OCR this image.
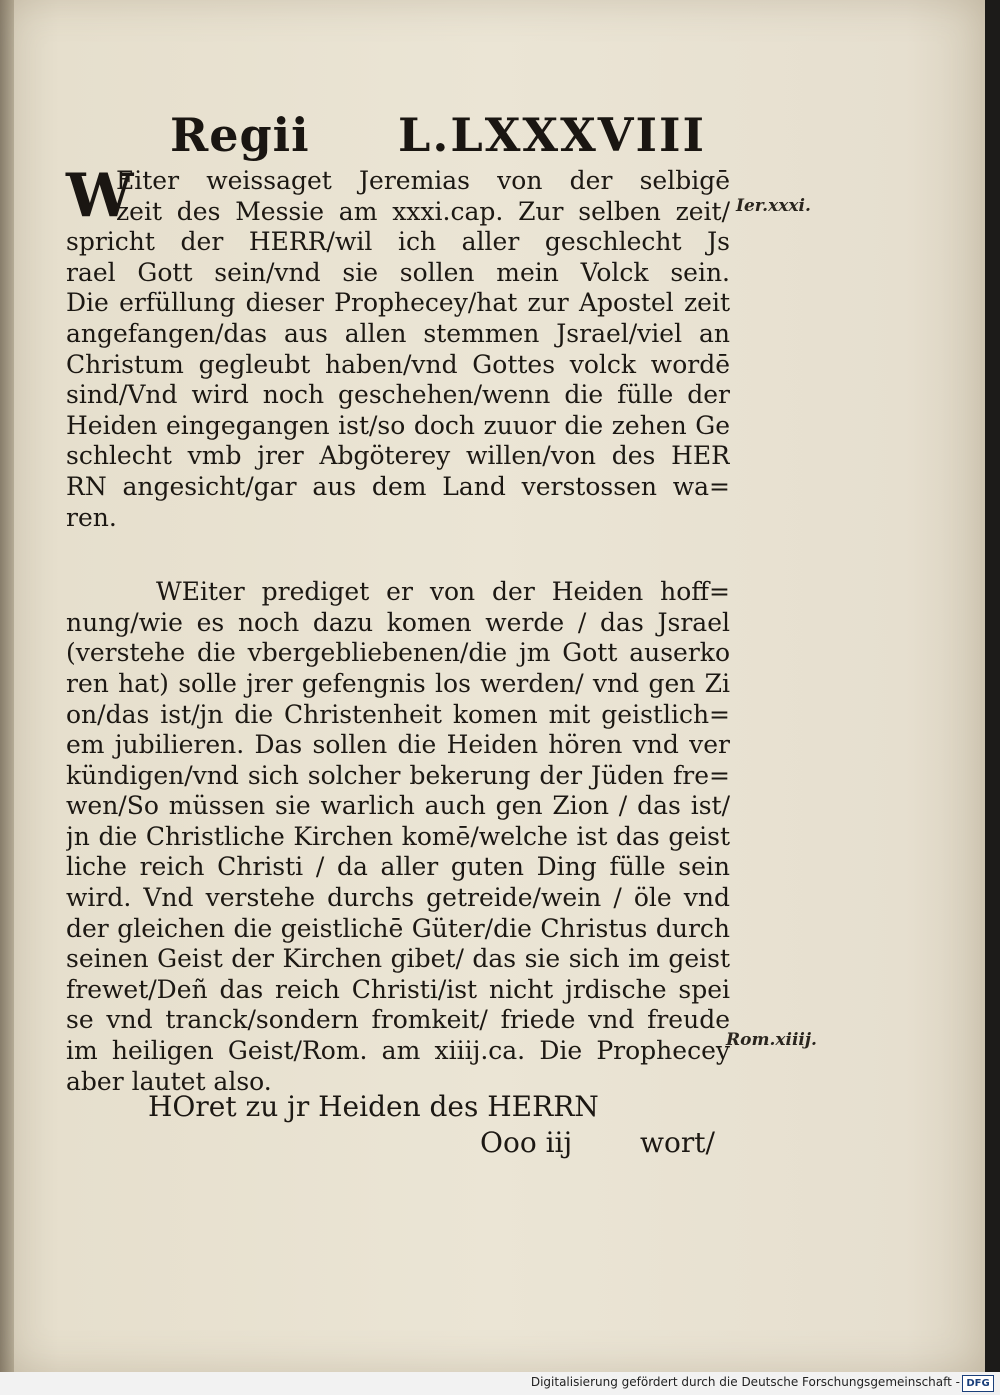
Regii L.LXXXVIII
W
Eiter weissaget Jeremias von der selbigē
zeit des Messie am xxxi.cap. Zur selben zeit/
spricht der HERR/wil ich aller geschlecht Js
rael Gott sein/vnd sie sollen mein Volck sein.
Die erfüllung dieser Prophecey/hat zur Apostel zeit
angefangen/das aus allen stemmen Jsrael/viel an
Christum gegleubt haben/vnd Gottes volck wordē
sind/Vnd wird noch geschehen/wenn die fülle der
Heiden eingegangen ist/so doch zuuor die zehen Ge
schlecht vmb jrer Abgöterey willen/von des HER
RN angesicht/gar aus dem Land verstossen wa=
ren.
WEiter prediget er von der Heiden hoff=
nung/wie es noch dazu komen werde / das Jsrael
(verstehe die vbergebliebenen/die jm Gott auserko
ren hat) solle jrer gefengnis los werden/ vnd gen Zi
on/das ist/jn die Christenheit komen mit geistlich=
em jubilieren. Das sollen die Heiden hören vnd ver
kündigen/vnd sich solcher bekerung der Jüden fre=
wen/So müssen sie warlich auch gen Zion / das ist/
jn die Christliche Kirchen komē/welche ist das geist
liche reich Christi / da aller guten Ding fülle sein
wird. Vnd verstehe durchs getreide/wein / öle vnd
der gleichen die geistlichē Güter/die Christus durch
seinen Geist der Kirchen gibet/ das sie sich im geist
frewet/Deñ das reich Christi/ist nicht jrdische spei
se vnd tranck/sondern fromkeit/ friede vnd freude
im heiligen Geist/Rom. am xiiij.ca. Die Prophecey
aber lautet also.
Ier.xxxi.
Rom.xiiij.
HOret zu jr Heiden des HERRN
Ooo iij wort/
Digitalisierung gefördert durch die Deutsche Forschungsgemeinschaft - DFG
